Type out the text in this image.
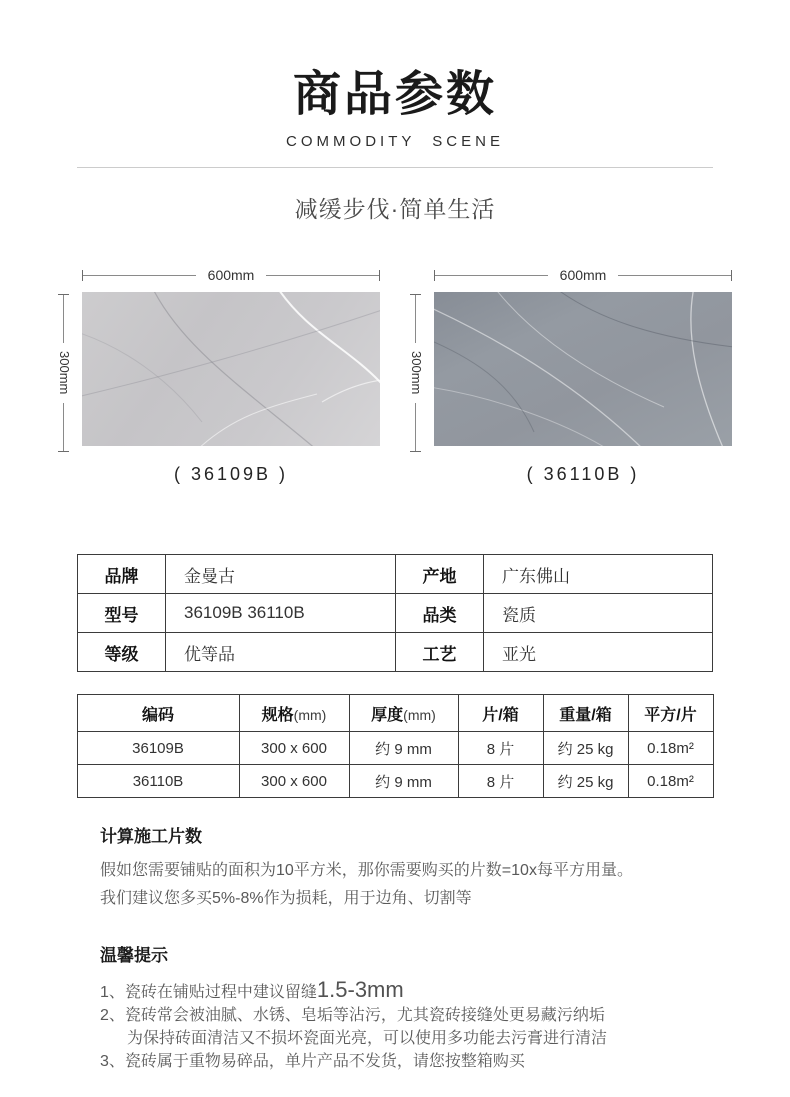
商品参数
COMMODITY SCENE
减缓步伐·简单生活
600mm
300mm
( 36109B )
600mm
300mm
( 36110B )
品牌	金曼古	产地	广东佛山
型号	36109B 36110B	品类	瓷质
等级	优等品	工艺	亚光
编码	规格(mm)	厚度(mm)	片/箱	重量/箱	平方/片
36109B	300 x 600	约 9 mm	8 片	约 25 kg	0.18m²
36110B	300 x 600	约 9 mm	8 片	约 25 kg	0.18m²
计算施工片数

假如您需要铺贴的面积为10平方米，那你需要购买的片数=10x每平方用量。

我们建议您多买5%-8%作为损耗，用于边角、切割等

温馨提示

1、瓷砖在铺贴过程中建议留缝1.5-3mm

2、瓷砖常会被油腻、水锈、皂垢等沾污，尤其瓷砖接缝处更易藏污纳垢

为保持砖面清洁又不损坏瓷面光亮，可以使用多功能去污膏进行清洁

3、瓷砖属于重物易碎品，单片产品不发货，请您按整箱购买
